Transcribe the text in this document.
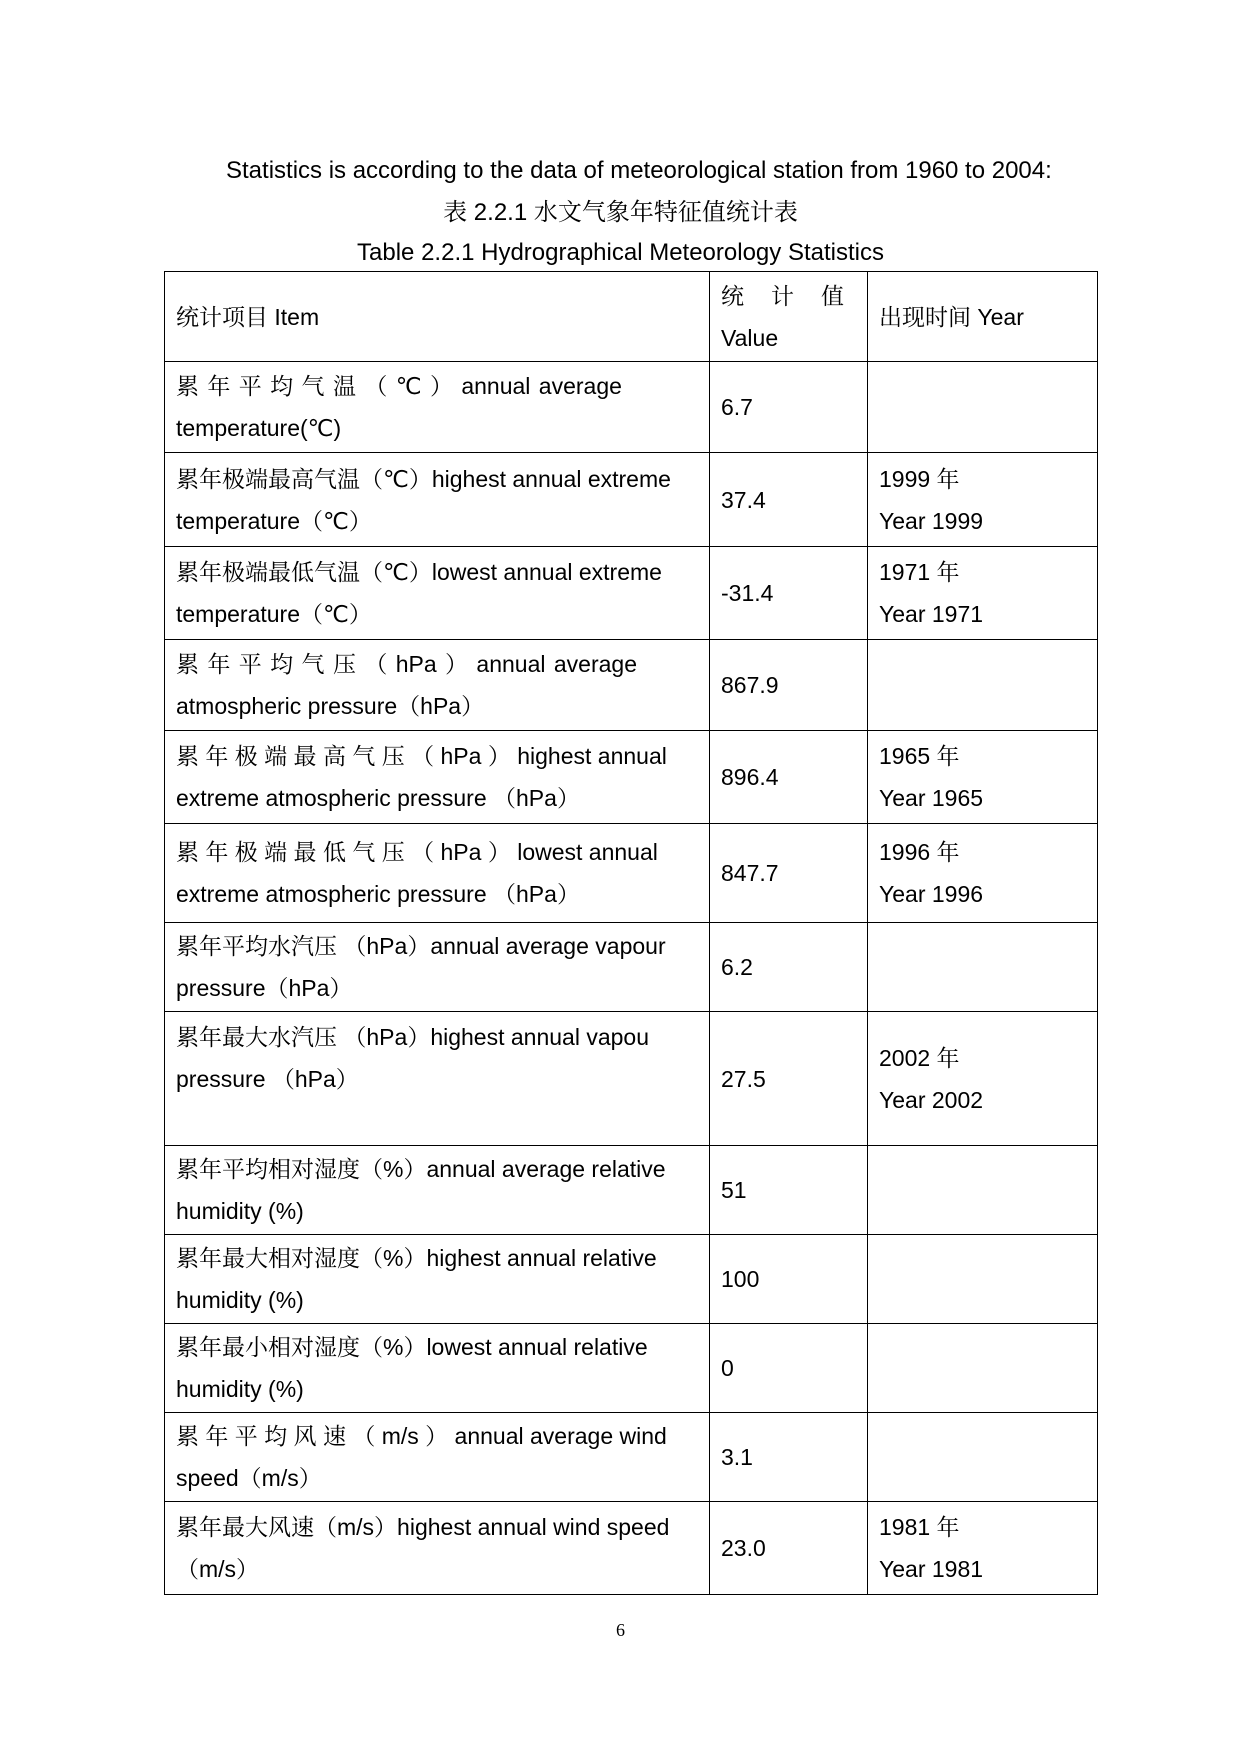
Statistics is according to the data of meteorological station from 1960 to 2004:
表 2.2.1 水文气象年特征值统计表
Table 2.2.1 Hydrographical Meteorology Statistics
统计项目 Item	统　计　值
Value	出现时间 Year

累 年 平 均 气 温 （ ℃ ） annual average
temperature(℃)	6.7	

累年极端最高气温（℃）highest annual extreme
temperature（℃）	37.4	1999 年
Year 1999

累年极端最低气温（℃）lowest annual extreme
temperature（℃）	-31.4	1971 年
Year 1971

累 年 平 均 气 压 （ hPa ） annual average
atmospheric pressure（hPa）	867.9	

累 年 极 端 最 高 气 压 （ hPa ） highest annual
extreme atmospheric pressure （hPa）	896.4	1965 年
Year 1965

累 年 极 端 最 低 气 压 （ hPa ） lowest annual
extreme atmospheric pressure （hPa）	847.7	1996 年
Year 1996

累年平均水汽压 （hPa）annual average vapour
pressure（hPa）	6.2	

累年最大水汽压 （hPa）highest annual vapou
pressure （hPa）	27.5	2002 年
Year 2002

累年平均相对湿度（%）annual average relative
humidity (%)	51	

累年最大相对湿度（%）highest annual relative
humidity (%)	100	

累年最小相对湿度（%）lowest annual relative
humidity (%)	0	

累 年 平 均 风 速 （ m/s ） annual average wind
speed（m/s）	3.1	

累年最大风速（m/s）highest annual wind speed
（m/s）	23.0	1981 年
Year 1981
6
